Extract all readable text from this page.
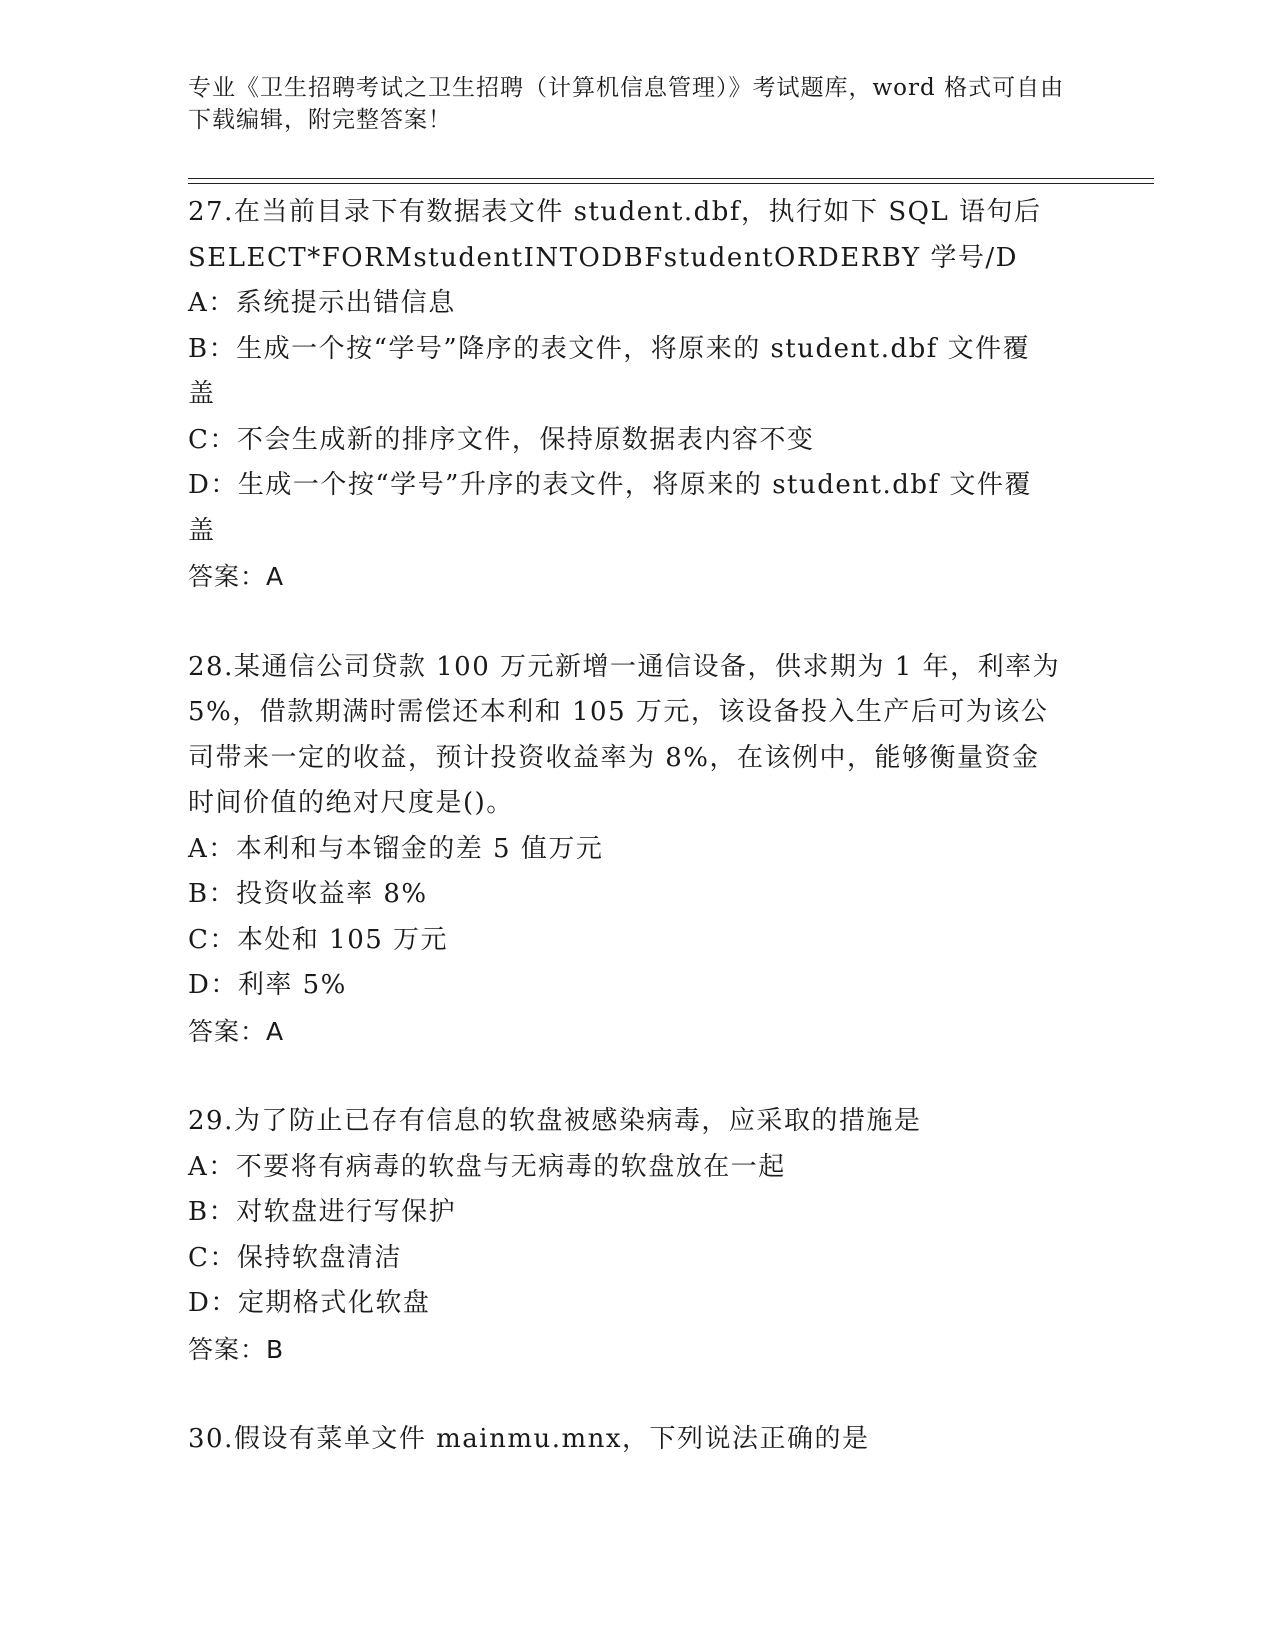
专业《卫生招聘考试之卫生招聘（计算机信息管理）》考试题库，word 格式可自由下载编辑，附完整答案！
27.在当前目录下有数据表文件 student.dbf，执行如下 SQL 语句后
SELECT*FORMstudentINTODBFstudentORDERBY 学号/D
A：系统提示出错信息
B：生成一个按“学号”降序的表文件，将原来的 student.dbf 文件覆
盖
C：不会生成新的排序文件，保持原数据表内容不变
D：生成一个按“学号”升序的表文件，将原来的 student.dbf 文件覆
盖
答案：A
28.某通信公司贷款 100 万元新增一通信设备，供求期为 1 年，利率为
5%，借款期满时需偿还本利和 105 万元，该设备投入生产后可为该公
司带来一定的收益，预计投资收益率为 8%，在该例中，能够衡量资金
时间价值的绝对尺度是()。
A：本利和与本镏金的差 5 值万元
B：投资收益率 8%
C：本处和 105 万元
D：利率 5%
答案：A
29.为了防止已存有信息的软盘被感染病毒，应采取的措施是
A：不要将有病毒的软盘与无病毒的软盘放在一起
B：对软盘进行写保护
C：保持软盘清洁
D：定期格式化软盘
答案：B
30.假设有菜单文件 mainmu.mnx，下列说法正确的是
